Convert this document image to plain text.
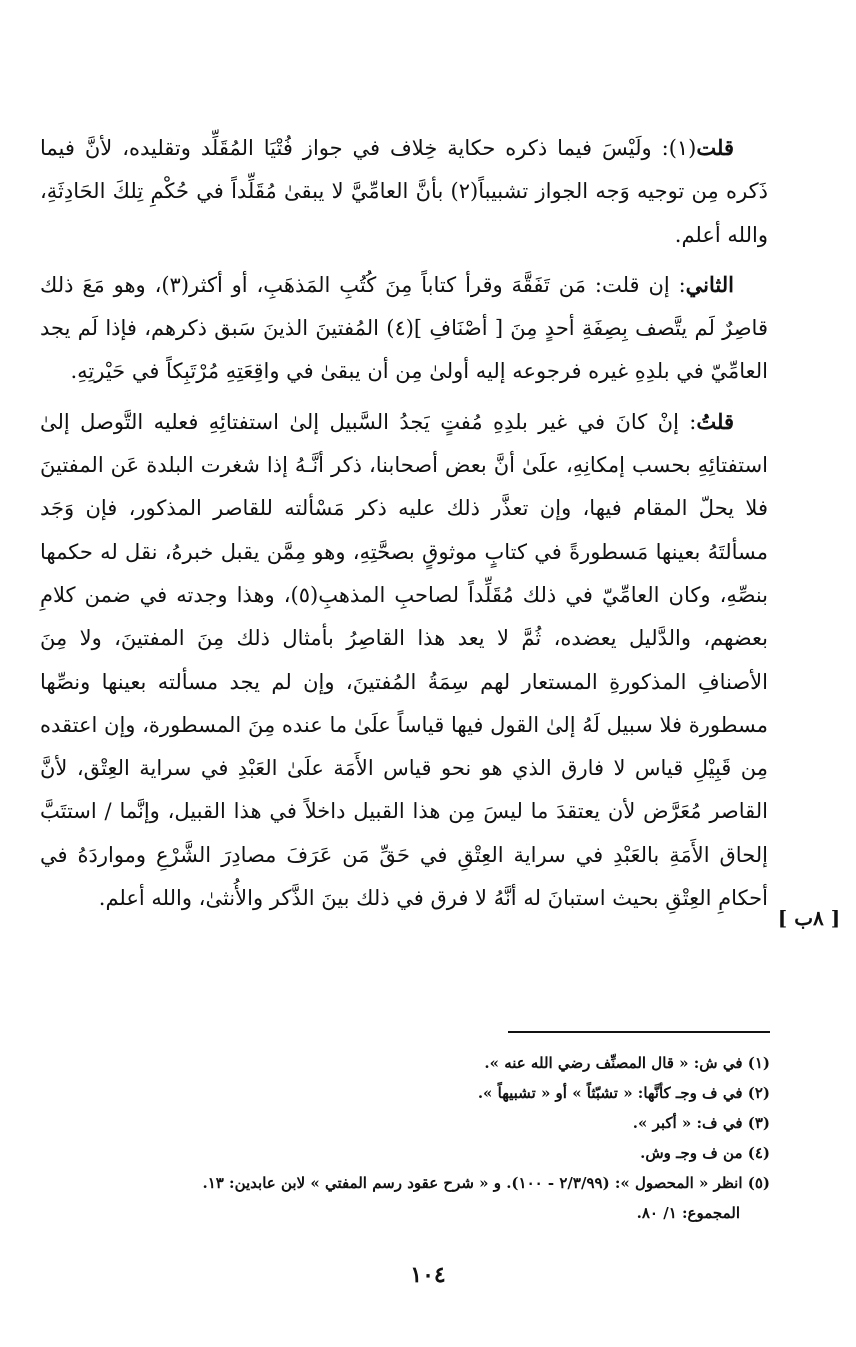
قلت(١): ولَيْسَ فيما ذكره حكاية خِلاف في جواز فُتْيَا المُقَلِّد وتقليده، لأنَّ فيما ذَكره مِن توجيه وَجه الجواز تشبيباً(٢) بأنَّ العامِّيَّ لا يبقىٰ مُقَلِّداً في حُكْمِ تِلكَ الحَادِثَةِ، والله أعلم.

الثاني: إن قلت: مَن تَفَقَّهَ وقرأ كتاباً مِنَ كُتُبِ المَذهَبِ، أو أكثر(٣)، وهو مَعَ ذلك قاصِرٌ لَم يتَّصف بِصِفَةِ أحدٍ مِنَ [ أصْنَافِ ](٤) المُفتينَ الذينَ سَبق ذكرهم، فإذا لَم يجد العامِّيّ في بلدِهِ غيره فرجوعه إليه أولىٰ مِن أن يبقىٰ في واقِعَتِهِ مُرْتَبِكاً في حَيْرتِهِ.

قلتُ: إنْ كانَ في غير بلدِهِ مُفتٍ يَجدُ السَّبيل إلىٰ استفتائِهِ فعليه التَّوصل إلىٰ استفتائِهِ بحسب إمكانِهِ، علَىٰ أنَّ بعض أصحابنا، ذكر أنَّـهُ إذا شغرت البلدة عَن المفتينَ فلا يحلّ المقام فيها، وإن تعذَّر ذلك عليه ذكر مَسْألته للقاصر المذكور، فإن وَجَد مسألتَهُ بعينها مَسطورةً في كتابٍ موثوقٍ بصحَّتِهِ، وهو مِمَّن يقبل خبرهُ، نقل له حكمها بنصِّهِ، وكان العامِّيّ في ذلك مُقَلِّداً لصاحبِ المذهبِ(٥)، وهذا وجدته في ضمن كلامِ بعضهم، والدَّليل يعضده، ثُمَّ لا يعد هذا القاصِرُ بأمثال ذلك مِنَ المفتينَ، ولا مِنَ الأصنافِ المذكورةِ المستعار لهم سِمَةُ المُفتينَ، وإن لم يجد مسألته بعينها ونصِّها مسطورة فلا سبيل لَهُ إلىٰ القول فيها قياساً علَىٰ ما عنده مِنَ المسطورة، وإن اعتقده مِن قَبِيْلِ قياس لا فارق الذي هو نحو قياس الأَمَة علَىٰ العَبْدِ في سراية العِتْق، لأنَّ القاصر مُعَرَّض لأن يعتقدَ ما ليسَ مِن هذا القبيل داخلاً في هذا القبيل، وإنَّما / استتَبَّ إلحاق الأَمَةِ بالعَبْدِ في سراية العِتْقِ في حَقِّ مَن عَرَفَ مصادِرَ الشَّرْعِ ومواردَهُ في أحكامِ العِتْقِ بحيث استبانَ له أنَّهُ لا فرق في ذلك بينَ الذَّكر والأُنثىٰ، والله أعلم.

[ ٨ب ]

(١) في ش: « قال المصنِّف رضي الله عنه ».

(٢) في ف وجـ كأنَّها: « تشبّثاً » أو « تشبيهاً ».

(٣) في ف: « أكبر ».

(٤) من ف وجـ وش.

(٥) انظر « المحصول »: (٢/٣/٩٩ - ١٠٠). و « شرح عقود رسم المفتي » لابن عابدين: ١٣.

المجموع: ١/ ٨٠.

١٠٤
